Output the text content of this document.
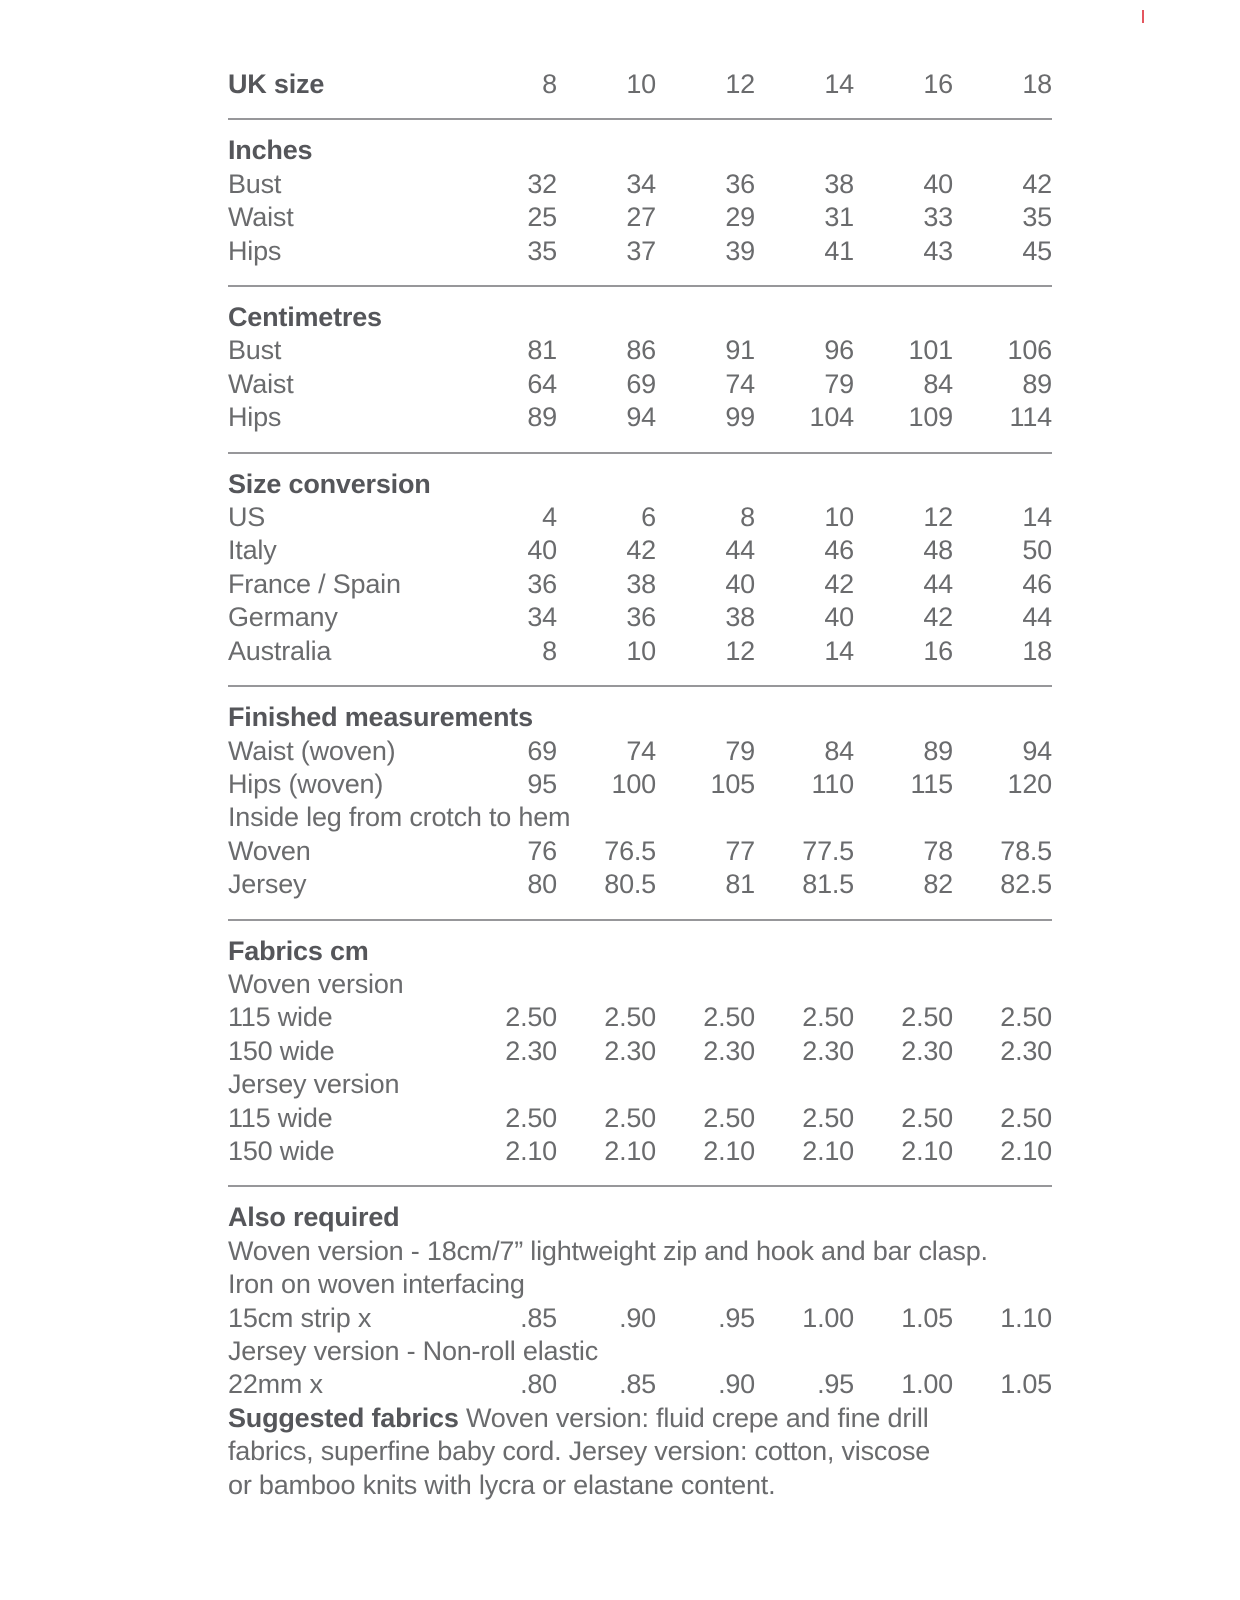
UK size	8	10	12	14	16	18
Inches
Bust	32	34	36	38	40	42
Waist	25	27	29	31	33	35
Hips	35	37	39	41	43	45
Centimetres
Bust	81	86	91	96	101	106
Waist	64	69	74	79	84	89
Hips	89	94	99	104	109	114
Size conversion
US	4	6	8	10	12	14
Italy	40	42	44	46	48	50
France / Spain	36	38	40	42	44	46
Germany	34	36	38	40	42	44
Australia	8	10	12	14	16	18
Finished measurements
Waist (woven)	69	74	79	84	89	94
Hips (woven)	95	100	105	110	115	120
Inside leg from crotch to hem
Woven	76	76.5	77	77.5	78	78.5
Jersey	80	80.5	81	81.5	82	82.5
Fabrics cm
Woven version
115 wide	2.50	2.50	2.50	2.50	2.50	2.50
150 wide	2.30	2.30	2.30	2.30	2.30	2.30
Jersey version
115 wide	2.50	2.50	2.50	2.50	2.50	2.50
150 wide	2.10	2.10	2.10	2.10	2.10	2.10
Also required
Woven version - 18cm/7” lightweight zip and hook and bar clasp.
Iron on woven interfacing
15cm strip x	.85	.90	.95	1.00	1.05	1.10
Jersey version - Non-roll elastic
22mm x	.80	.85	.90	.95	1.00	1.05
Suggested fabrics Woven version: fluid crepe and fine drill
fabrics, superfine baby cord. Jersey version: cotton, viscose
or bamboo knits with lycra or elastane content.
